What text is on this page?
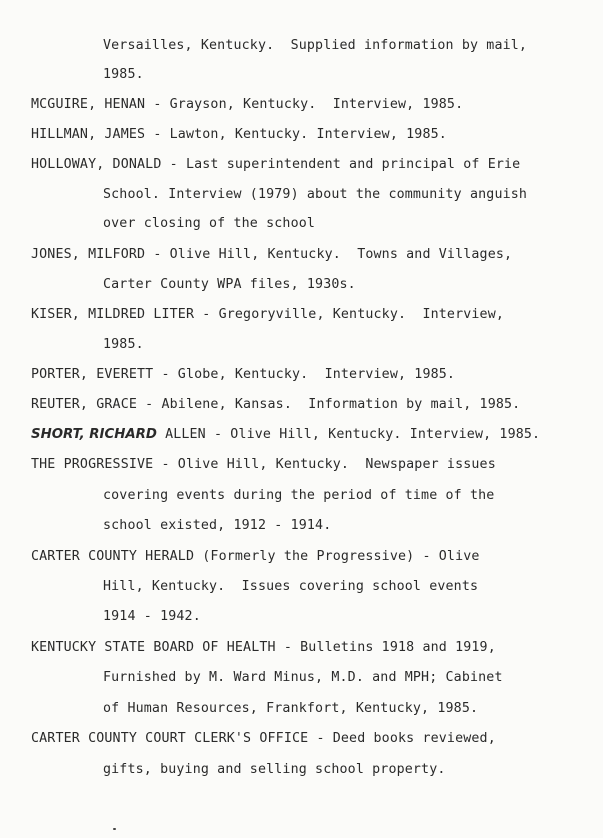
Versailles, Kentucky.  Supplied information by mail,
1985.
MCGUIRE, HENAN - Grayson, Kentucky.  Interview, 1985.
HILLMAN, JAMES - Lawton, Kentucky. Interview, 1985.
HOLLOWAY, DONALD - Last superintendent and principal of Erie
School. Interview (1979) about the community anguish
over closing of the school
JONES, MILFORD - Olive Hill, Kentucky.  Towns and Villages,
Carter County WPA files, 1930s.
KISER, MILDRED LITER - Gregoryville, Kentucky.  Interview,
1985.
PORTER, EVERETT - Globe, Kentucky.  Interview, 1985.
REUTER, GRACE - Abilene, Kansas.  Information by mail, 1985.
SHORT, RICHARD ALLEN - Olive Hill, Kentucky. Interview, 1985.
THE PROGRESSIVE - Olive Hill, Kentucky.  Newspaper issues
covering events during the period of time of the
school existed, 1912 - 1914.
CARTER COUNTY HERALD (Formerly the Progressive) - Olive
Hill, Kentucky.  Issues covering school events
1914 - 1942.
KENTUCKY STATE BOARD OF HEALTH - Bulletins 1918 and 1919,
Furnished by M. Ward Minus, M.D. and MPH; Cabinet
of Human Resources, Frankfort, Kentucky, 1985.
CARTER COUNTY COURT CLERK'S OFFICE - Deed books reviewed,
gifts, buying and selling school property.
